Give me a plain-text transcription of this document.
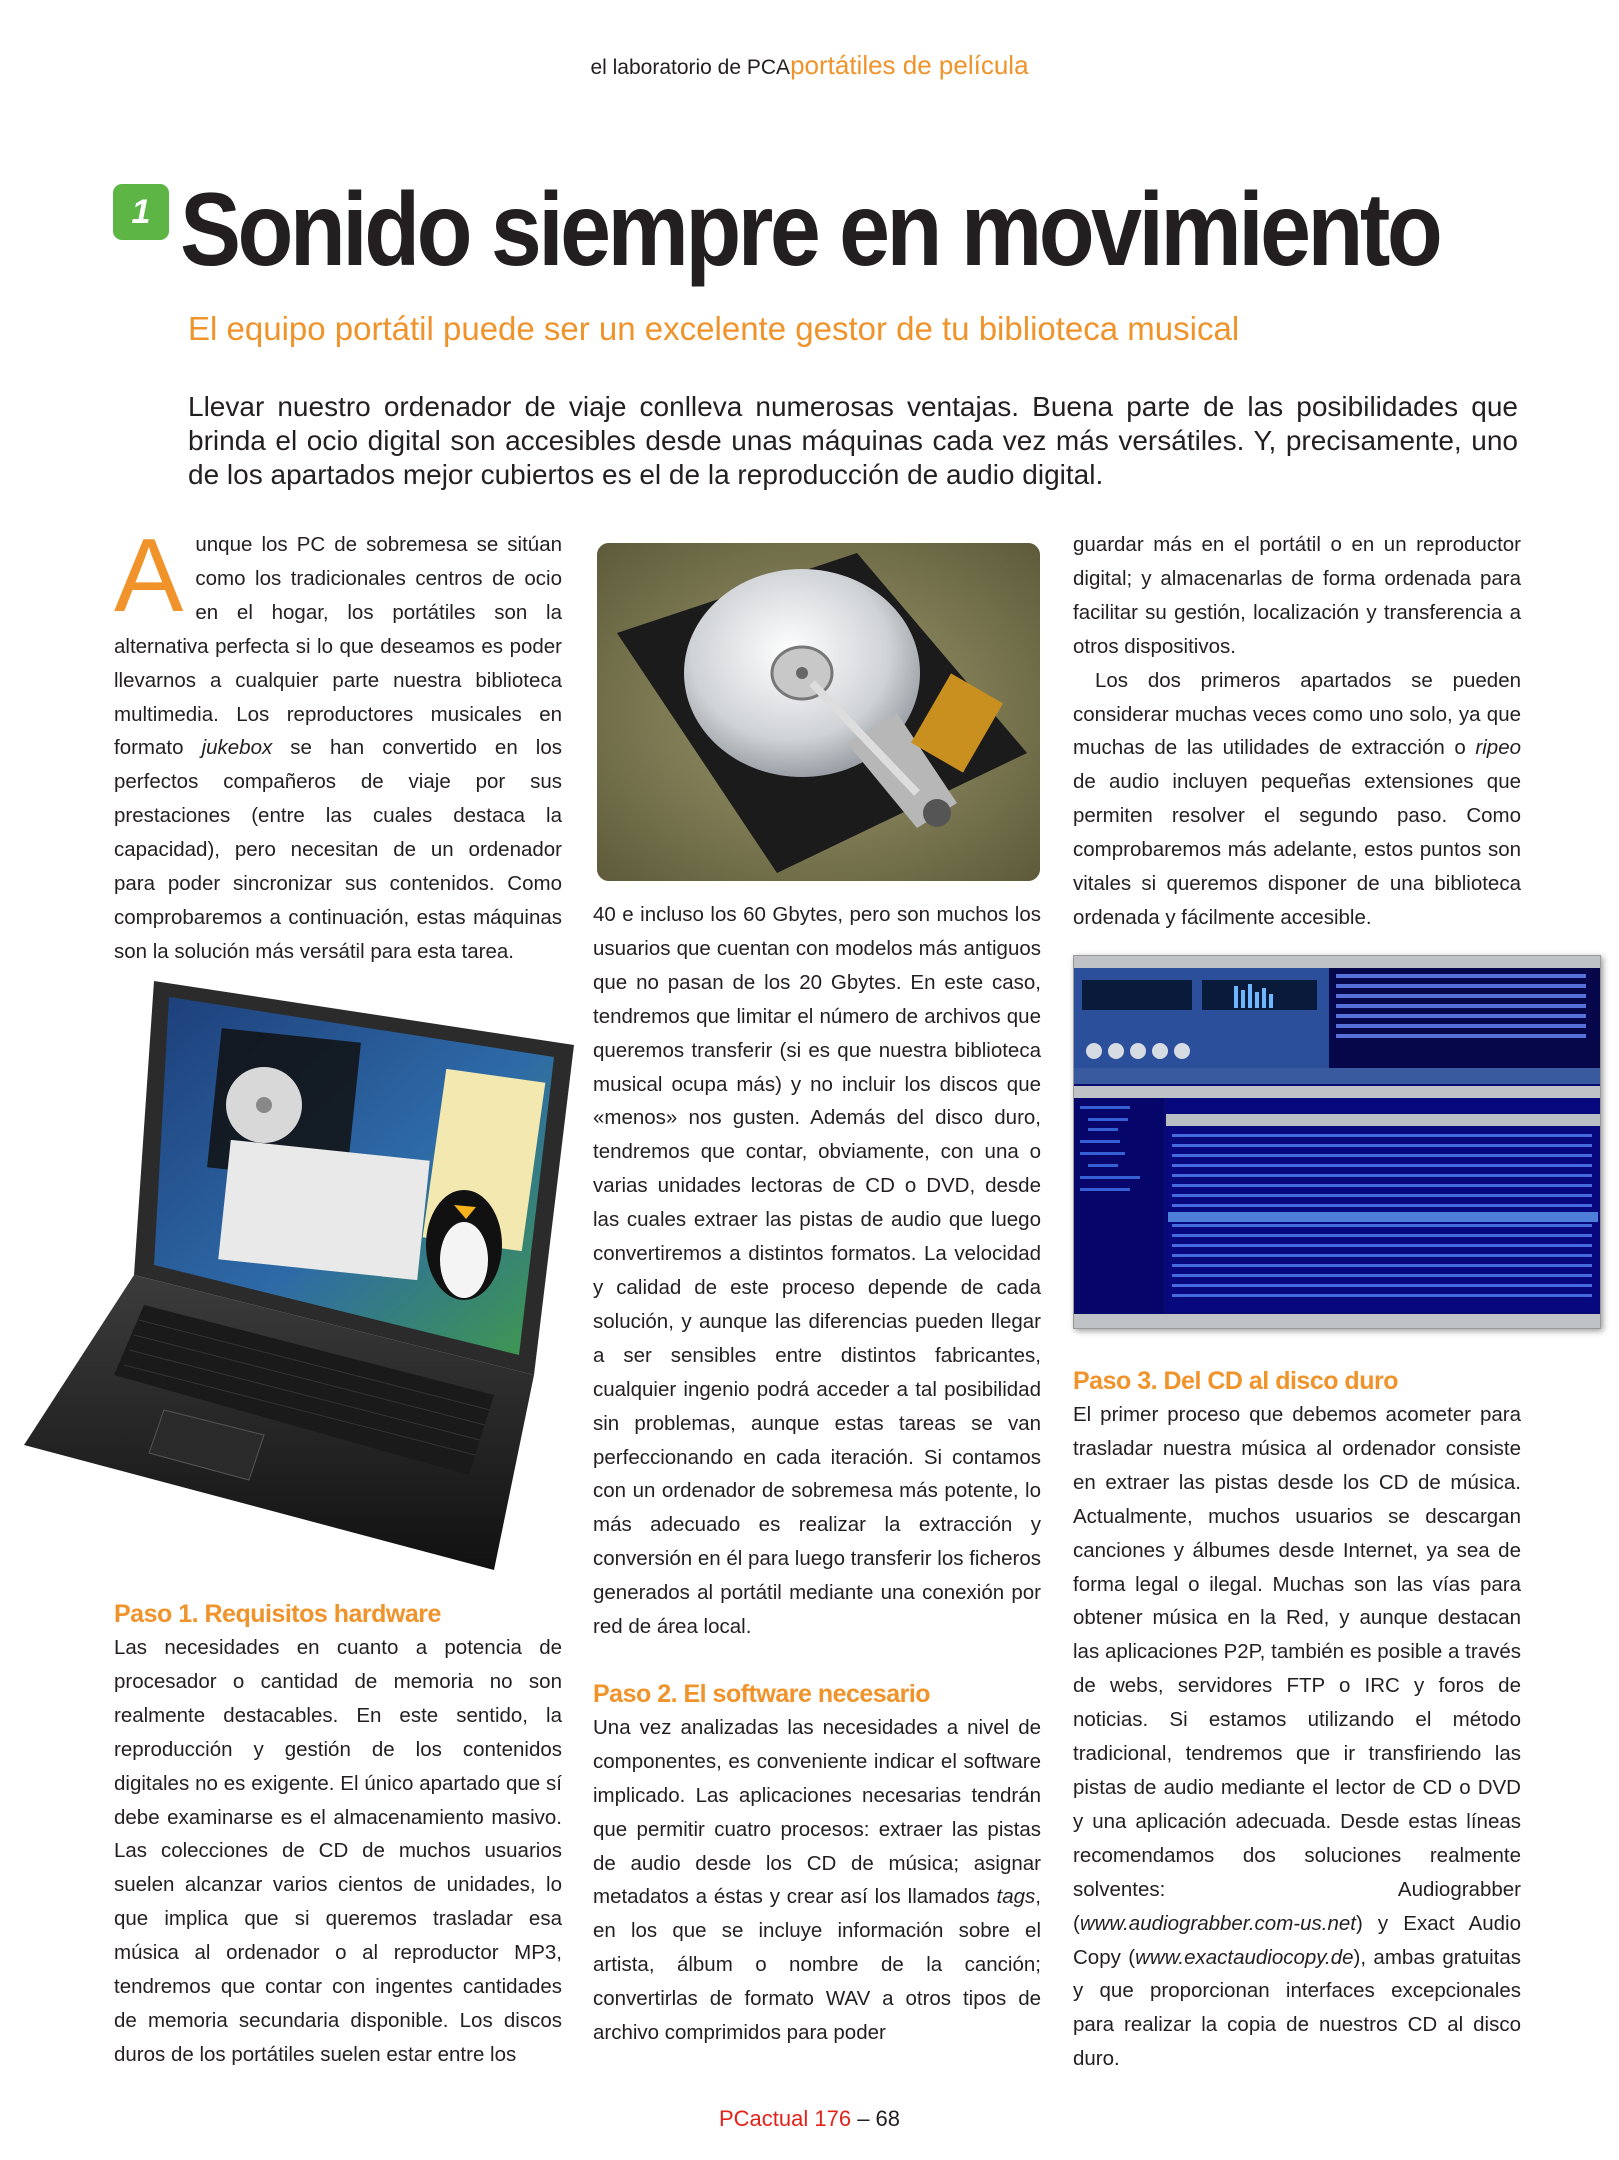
el laboratorio de PCAportátiles de película
1 Sonido siempre en movimiento
El equipo portátil puede ser un excelente gestor de tu biblioteca musical
Llevar nuestro ordenador de viaje conlleva numerosas ventajas. Buena parte de las posibilidades que brinda el ocio digital son accesibles desde unas máquinas cada vez más versátiles. Y, precisamente, uno de los apartados mejor cubiertos es el de la reproducción de audio digital.

Aunque los PC de sobremesa se sitúan como los tradicionales centros de ocio en el hogar, los portátiles son la alternativa perfecta si lo que deseamos es poder llevarnos a cualquier parte nuestra biblioteca multimedia. Los reproductores musicales en formato jukebox se han convertido en los perfectos compañeros de viaje por sus prestaciones (entre las cuales destaca la capacidad), pero necesitan de un ordenador para poder sincronizar sus contenidos. Como comprobaremos a continuación, estas máquinas son la solución más versátil para esta tarea.

Paso 1. Requisitos hardware

Las necesidades en cuanto a potencia de procesador o cantidad de memoria no son realmente destacables. En este sentido, la reproducción y gestión de los contenidos digitales no es exigente. El único apartado que sí debe examinarse es el almacenamiento masivo. Las colecciones de CD de muchos usuarios suelen alcanzar varios cientos de unidades, lo que implica que si queremos trasladar esa música al ordenador o al reproductor MP3, tendremos que contar con ingentes cantidades de memoria secundaria disponible. Los discos duros de los portátiles suelen estar entre los

40 e incluso los 60 Gbytes, pero son muchos los usuarios que cuentan con modelos más antiguos que no pasan de los 20 Gbytes. En este caso, tendremos que limitar el número de archivos que queremos transferir (si es que nuestra biblioteca musical ocupa más) y no incluir los discos que «menos» nos gusten. Además del disco duro, tendremos que contar, obviamente, con una o varias unidades lectoras de CD o DVD, desde las cuales extraer las pistas de audio que luego convertiremos a distintos formatos. La velocidad y calidad de este proceso depende de cada solución, y aunque las diferencias pueden llegar a ser sensibles entre distintos fabricantes, cualquier ingenio podrá acceder a tal posibilidad sin problemas, aunque estas tareas se van perfeccionando en cada iteración. Si contamos con un ordenador de sobremesa más potente, lo más adecuado es realizar la extracción y conversión en él para luego transferir los ficheros generados al portátil mediante una conexión por red de área local.

Paso 2. El software necesario

Una vez analizadas las necesidades a nivel de componentes, es conveniente indicar el software implicado. Las aplicaciones necesarias tendrán que permitir cuatro procesos: extraer las pistas de audio desde los CD de música; asignar metadatos a éstas y crear así los llamados tags, en los que se incluye información sobre el artista, álbum o nombre de la canción; convertirlas de formato WAV a otros tipos de archivo comprimidos para poder

guardar más en el portátil o en un reproductor digital; y almacenarlas de forma ordenada para facilitar su gestión, localización y transferencia a otros dispositivos.

Los dos primeros apartados se pueden considerar muchas veces como uno solo, ya que muchas de las utilidades de extracción o ripeo de audio incluyen pequeñas extensiones que permiten resolver el segundo paso. Como comprobaremos más adelante, estos puntos son vitales si queremos disponer de una biblioteca ordenada y fácilmente accesible.

Paso 3. Del CD al disco duro

El primer proceso que debemos acometer para trasladar nuestra música al ordenador consiste en extraer las pistas desde los CD de música. Actualmente, muchos usuarios se descargan canciones y álbumes desde Internet, ya sea de forma legal o ilegal. Muchas son las vías para obtener música en la Red, y aunque destacan las aplicaciones P2P, también es posible a través de webs, servidores FTP o IRC y foros de noticias. Si estamos utilizando el método tradicional, tendremos que ir transfiriendo las pistas de audio mediante el lector de CD o DVD y una aplicación adecuada. Desde estas líneas recomendamos dos soluciones realmente solventes: Audiograbber (www.audiograbber.com-us.net) y Exact Audio Copy (www.exactaudiocopy.de), ambas gratuitas y que proporcionan interfaces excepcionales para realizar la copia de nuestros CD al disco duro.

PCactual 176 – 68
